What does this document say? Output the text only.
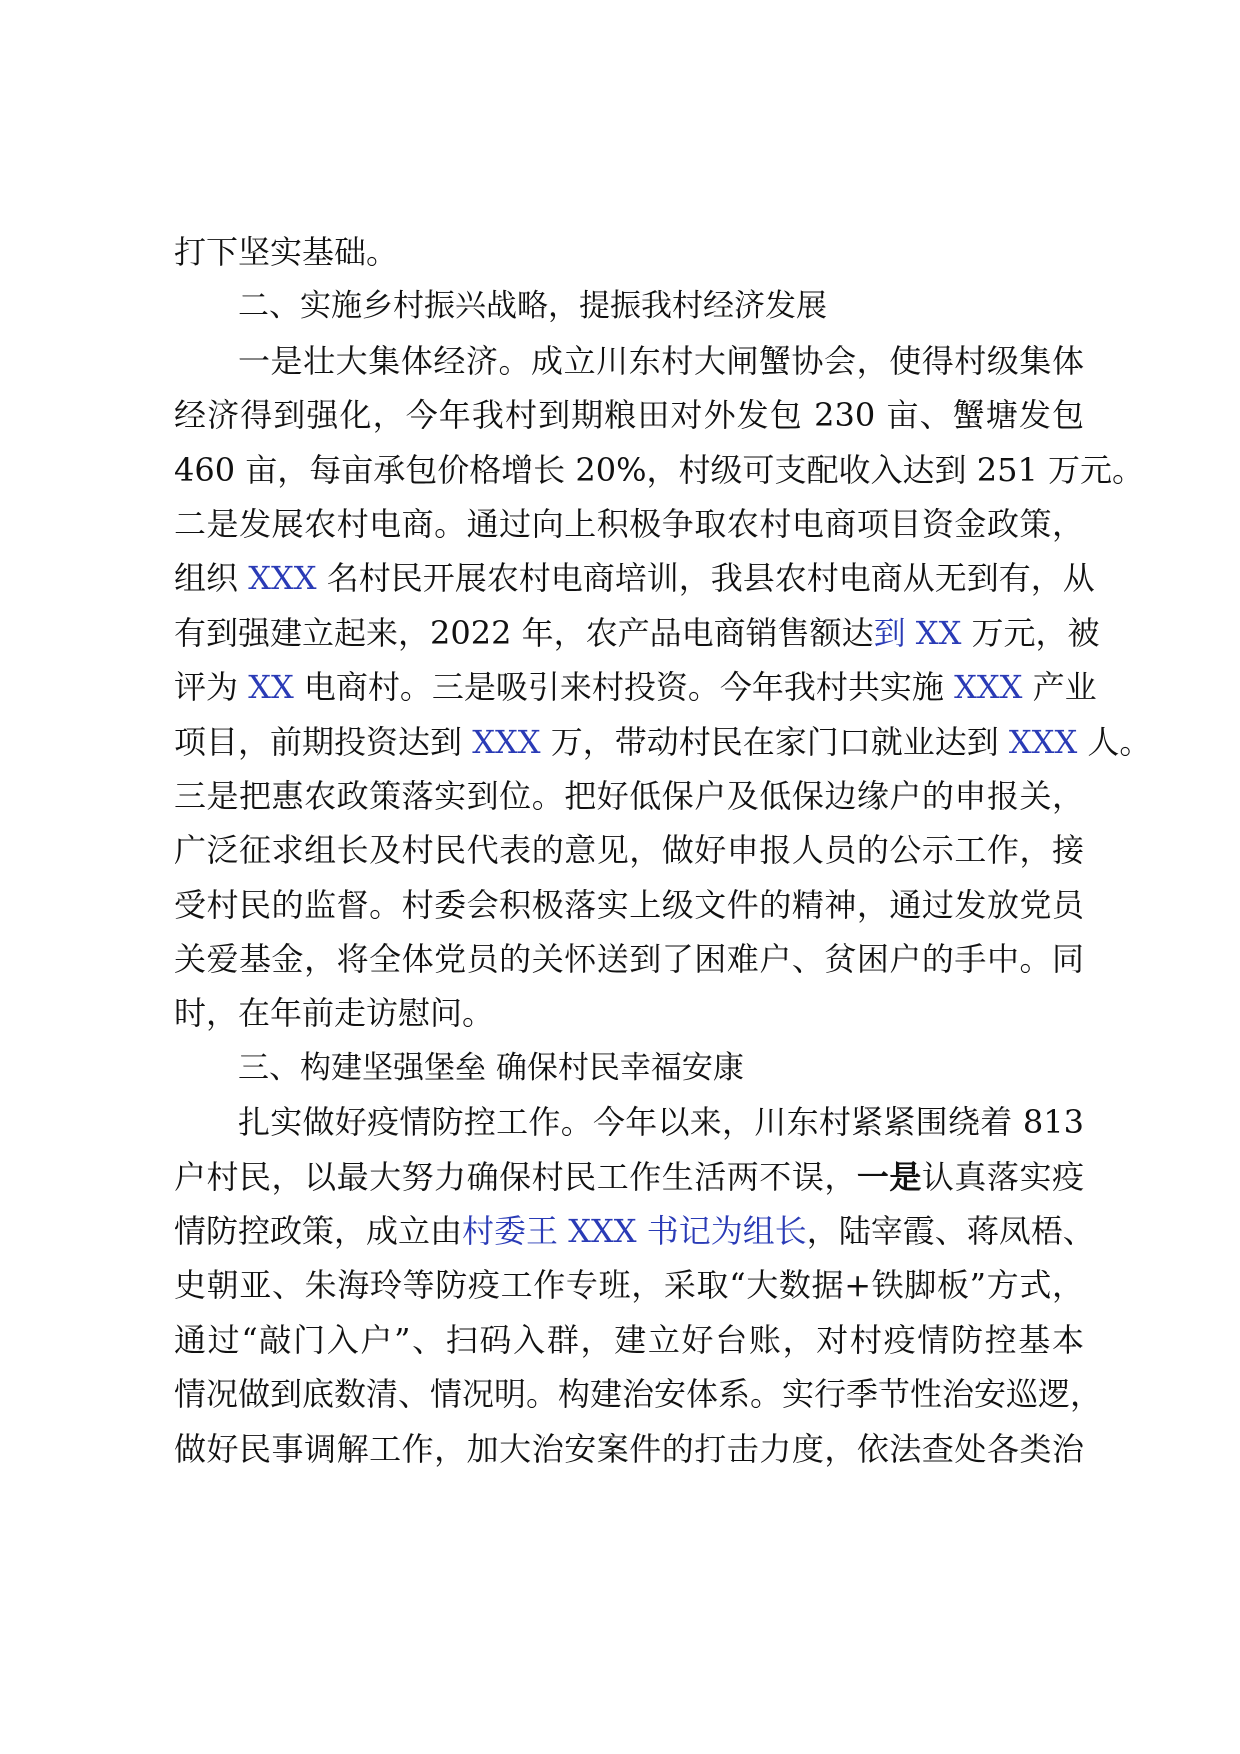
打下坚实基础。
二、实施乡村振兴战略，提振我村经济发展
一是壮大集体经济。成立川东村大闸蟹协会，使得村级集体
经济得到强化，今年我村到期粮田对外发包 230 亩、蟹塘发包
460 亩，每亩承包价格增长 20%，村级可支配收入达到 251 万元。
二是发展农村电商。通过向上积极争取农村电商项目资金政策，
组织 XXX 名村民开展农村电商培训，我县农村电商从无到有，从
有到强建立起来，2022 年，农产品电商销售额达到 XX 万元，被
评为 XX 电商村。三是吸引来村投资。今年我村共实施 XXX 产业
项目，前期投资达到 XXX 万，带动村民在家门口就业达到 XXX 人。
三是把惠农政策落实到位。把好低保户及低保边缘户的申报关，
广泛征求组长及村民代表的意见，做好申报人员的公示工作，接
受村民的监督。村委会积极落实上级文件的精神，通过发放党员
关爱基金，将全体党员的关怀送到了困难户、贫困户的手中。同
时，在年前走访慰问。
三、构建坚强堡垒 确保村民幸福安康
扎实做好疫情防控工作。今年以来，川东村紧紧围绕着 813
户村民，以最大努力确保村民工作生活两不误，一是认真落实疫
情防控政策，成立由村委王 XXX 书记为组长，陆宰霞、蒋凤梧、
史朝亚、朱海玲等防疫工作专班，采取“大数据+铁脚板”方式，
通过“敲门入户”、扫码入群，建立好台账，对村疫情防控基本
情况做到底数清、情况明。构建治安体系。实行季节性治安巡逻，
做好民事调解工作，加大治安案件的打击力度，依法查处各类治
